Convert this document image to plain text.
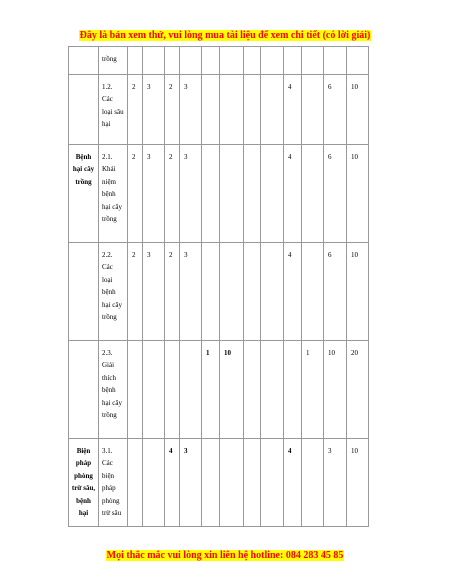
Đây là bản xem thử, vui lòng mua tài liệu để xem chi tiết (có lời giải)
	trồng												
	1.2. Các loại sâu hại	2	3	2	3					4		6	10
Bệnh hại cây trồng	2.1. Khái niệm bệnh hại cây trồng	2	3	2	3					4		6	10
	2.2. Các loại bệnh hại cây trồng	2	3	2	3					4		6	10
	2.3. Giải thích bệnh hại cây trồng					1	10				1	10	20
Biện pháp phòng trừ sâu, bệnh hại	3.1. Các biện pháp phòng trừ sâu			4	3					4		3	10
Mọi thắc mắc vui lòng xin liên hệ hotline: 084 283 45 85
